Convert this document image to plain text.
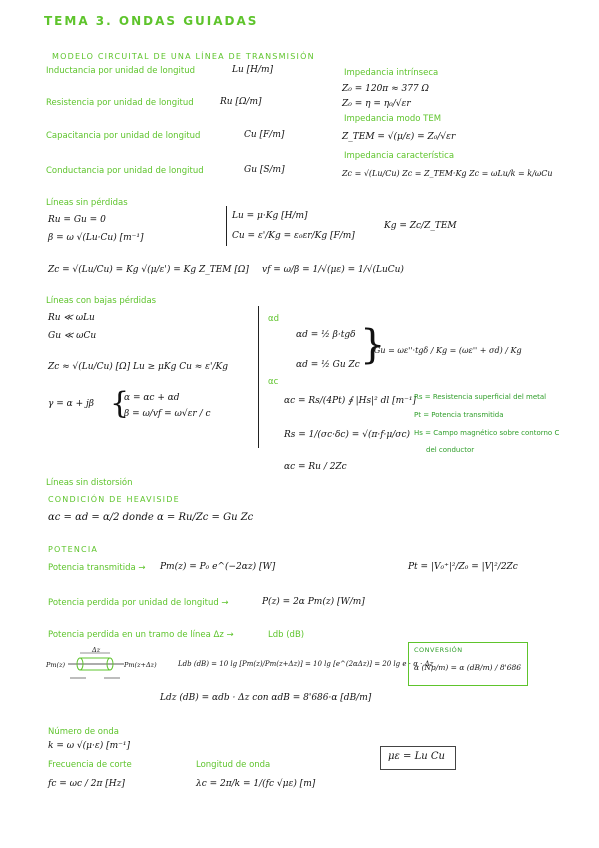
TEMA 3. ONDAS GUIADAS
MODELO CIRCUITAL DE UNA LÍNEA DE TRANSMISIÓN
Inductancia por unidad de longitud	Lu [H/m]
Resistencia por unidad de longitud	Ru [Ω/m]
Capacitancia por unidad de longitud	Cu [F/m]
Conductancia por unidad de longitud	Gu [S/m]
Impedancia intrínseca
Z₀ = 120π ≈ 377 Ω
Z₀ = η = η₀/√εr
Impedancia modo TEM
Z_TEM = √(μ/ε) = Z₀/√εr
Impedancia característica
Zc = √(Lu/Cu) Zc = Z_TEM·Kg Zc = ωLu/k = k/ωCu
Líneas sin pérdidas
Ru = Gu = 0
β = ω √(Lu·Cu) [m⁻¹]
Lu = μ·Kg [H/m]
Cu = ε'/Kg = ε₀εr/Kg [F/m]
Kg = Zc/Z_TEM
Zc = √(Lu/Cu) = Kg √(μ/ε') = Kg Z_TEM [Ω] vf = ω/β = 1/√(με) = 1/√(LuCu)
Líneas con bajas pérdidas
Ru ≪ ωLu
Gu ≪ ωCu
Zc ≈ √(Lu/Cu) [Ω] Lu ≥ μKg Cu ≈ ε'/Kg
γ = α + jβ {
α = αc + αd
β = ω/vf = ω√εr / c
αd
αd = ½ β·tgδ
αd = ½ Gu Zc }
Gu = ωε''·tgδ / Kg = (ωε'' + σd) / Kg
αc
αc = Rs/(4Pt) ∮ |Hs|² dl [m⁻¹]
Rs = 1/(σc·δc) = √(π·f·μ/σc)
αc = Ru / 2Zc
Rs = Resistencia superficial del metal
Pt = Potencia transmitida
Hs = Campo magnético sobre contorno C
del conductor
Líneas sin distorsión
CONDICIÓN DE HEAVISIDE
αc = αd = α/2 donde α = Ru/Zc = Gu Zc
POTENCIA
Potencia transmitida → Pm(z) = P₀ e^(−2αz) [W]	Pt = |V₀⁺|²/Z₀ = |V|²/2Zc
Potencia perdida por unidad de longitud →	P(z) = 2α Pm(z) [W/m]
Potencia perdida en un tramo de línea Δz →	Ldb (dB)
Pm(z)	Pm(z+Δz)
Δz
Ldb (dB) = 10 lg [Pm(z)/Pm(z+Δz)] = 10 lg [e^(2αΔz)] = 20 lg e · α · Δz
Ldz (dB) = αdb · Δz con αdB = 8'686·α [dB/m]
CONVERSIÓN
α (Np/m) = α (dB/m) / 8'686
Número de onda
k = ω √(μ·ε) [m⁻¹]
Frecuencia de corte
fc = ωc / 2π [Hz]
Longitud de onda
λc = 2π/k = 1/(fc √με) [m]
με = Lu Cu
